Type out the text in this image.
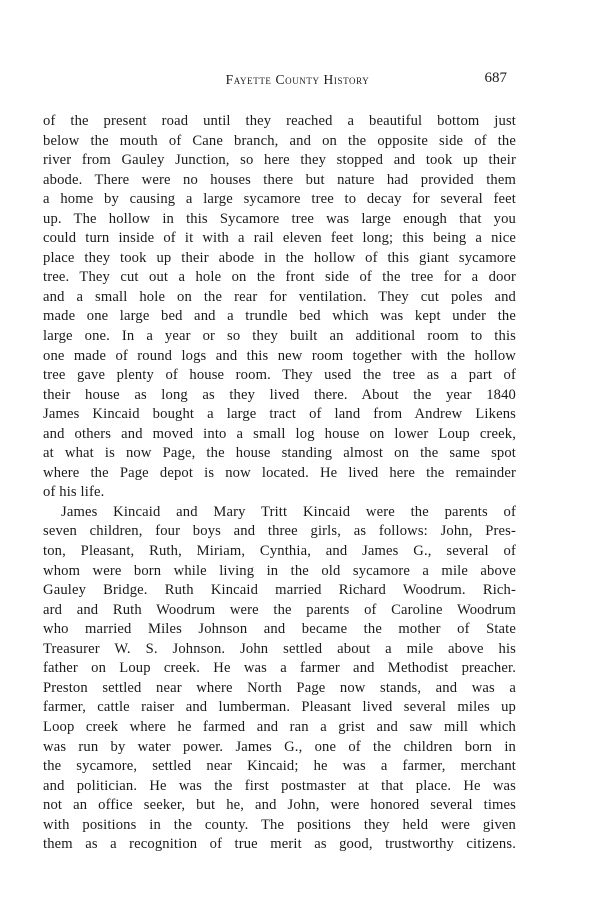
Fayette County History	687

of the present road until they reached a beautiful bottom just
below the mouth of Cane branch, and on the opposite side of the
river from Gauley Junction, so here they stopped and took up their
abode. There were no houses there but nature had provided them
a home by causing a large sycamore tree to decay for several feet
up. The hollow in this Sycamore tree was large enough that you
could turn inside of it with a rail eleven feet long; this being a nice
place they took up their abode in the hollow of this giant sycamore
tree. They cut out a hole on the front side of the tree for a door
and a small hole on the rear for ventilation. They cut poles and
made one large bed and a trundle bed which was kept under the
large one. In a year or so they built an additional room to this
one made of round logs and this new room together with the hollow
tree gave plenty of house room. They used the tree as a part of
their house as long as they lived there. About the year 1840
James Kincaid bought a large tract of land from Andrew Likens
and others and moved into a small log house on lower Loup creek,
at what is now Page, the house standing almost on the same spot
where the Page depot is now located. He lived here the remainder
of his life.

James Kincaid and Mary Tritt Kincaid were the parents of
seven children, four boys and three girls, as follows: John, Pres-
ton, Pleasant, Ruth, Miriam, Cynthia, and James G., several of
whom were born while living in the old sycamore a mile above
Gauley Bridge. Ruth Kincaid married Richard Woodrum. Rich-
ard and Ruth Woodrum were the parents of Caroline Woodrum
who married Miles Johnson and became the mother of State
Treasurer W. S. Johnson. John settled about a mile above his
father on Loup creek. He was a farmer and Methodist preacher.
Preston settled near where North Page now stands, and was a
farmer, cattle raiser and lumberman. Pleasant lived several miles up
Loop creek where he farmed and ran a grist and saw mill which
was run by water power. James G., one of the children born in
the sycamore, settled near Kincaid; he was a farmer, merchant
and politician. He was the first postmaster at that place. He was
not an office seeker, but he, and John, were honored several times
with positions in the county. The positions they held were given
them as a recognition of true merit as good, trustworthy citizens.
